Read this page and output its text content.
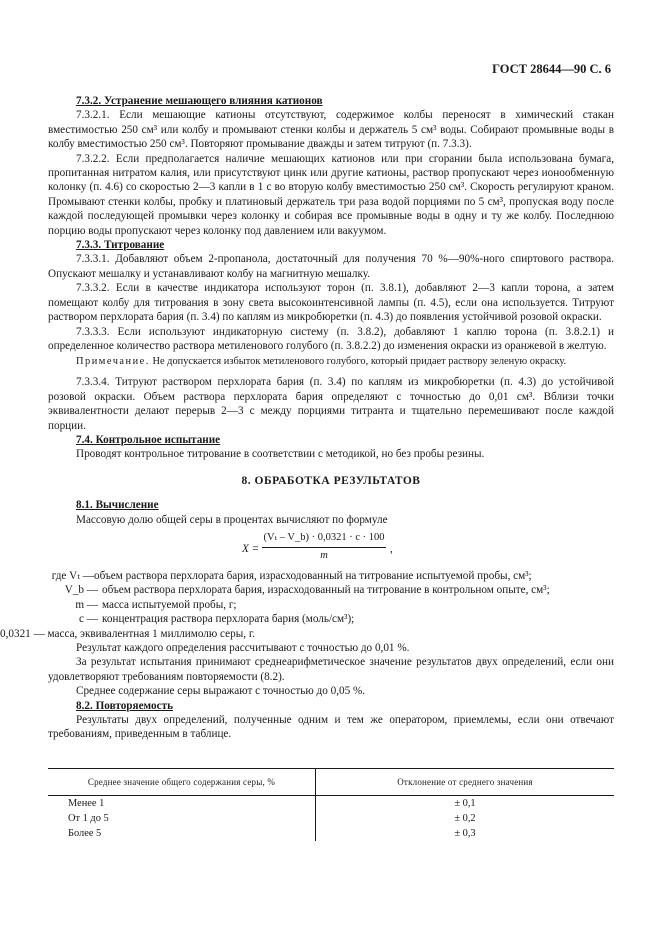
ГОСТ 28644—90 С. 6

7.3.2. Устранение мешающего влияния катионов

7.3.2.1. Если мешающие катионы отсутствуют, содержимое колбы переносят в химический стакан вместимостью 250 см³ или колбу и промывают стенки колбы и держатель 5 см³ воды. Собирают промывные воды в колбу вместимостью 250 см³. Повторяют промывание дважды и затем титруют (п. 7.3.3).

7.3.2.2. Если предполагается наличие мешающих катионов или при сгорании была использована бумага, пропитанная нитратом калия, или присутствуют цинк или другие катионы, раствор пропускают через ионообменную колонку (п. 4.6) со скоростью 2—3 капли в 1 с во вторую колбу вместимостью 250 см³. Скорость регулируют краном. Промывают стенки колбы, пробку и платиновый держатель три раза водой порциями по 5 см³, пропуская воду после каждой последующей промывки через колонку и собирая все промывные воды в одну и ту же колбу. Последнюю порцию воды пропускают через колонку под давлением или вакуумом.

7.3.3. Титрование

7.3.3.1. Добавляют объем 2-пропанола, достаточный для получения 70 %—90%-ного спиртового раствора. Опускают мешалку и устанавливают колбу на магнитную мешалку.

7.3.3.2. Если в качестве индикатора используют торон (п. 3.8.1), добавляют 2—3 капли торона, а затем помещают колбу для титрования в зону света высокоинтенсивной лампы (п. 4.5), если она используется. Титруют раствором перхлората бария (п. 3.4) по каплям из микробюретки (п. 4.3) до появления устойчивой розовой окраски.

7.3.3.3. Если используют индикаторную систему (п. 3.8.2), добавляют 1 каплю торона (п. 3.8.2.1) и определенное количество раствора метиленового голубого (п. 3.8.2.2) до изменения окраски из оранжевой в желтую.

Примечание. Не допускается избыток метиленового голубого, который придает раствору зеленую окраску.

7.3.3.4. Титруют раствором перхлората бария (п. 3.4) по каплям из микробюретки (п. 4.3) до устойчивой розовой окраски. Объем раствора перхлората бария определяют с точностью до 0,01 см³. Вблизи точки эквивалентности делают перерыв 2—3 с между порциями титранта и тщательно перемешивают после каждой порции.

7.4. Контрольное испытание

Проводят контрольное титрование в соответствии с методикой, но без пробы резины.

8. ОБРАБОТКА РЕЗУЛЬТАТОВ

8.1. Вычисление

Массовую долю общей серы в процентах вычисляют по формуле

X =
(Vₜ – V_b) · 0,0321 · c · 100
m
,
где Vₜ — объем раствора перхлората бария, израсходованный на титрование испытуемой пробы, см³;
V_b — объем раствора перхлората бария, израсходованный на титрование в контрольном опыте, см³;
m — масса испытуемой пробы, г;
c — концентрация раствора перхлората бария (моль/см³);

0,0321 — масса, эквивалентная 1 миллимолю серы, г.

Результат каждого определения рассчитывают с точностью до 0,01 %.

За результат испытания принимают среднеарифметическое значение результатов двух определений, если они удовлетворяют требованиям повторяемости (8.2).

Среднее содержание серы выражают с точностью до 0,05 %.

8.2. Повторяемость

Результаты двух определений, полученные одним и тем же оператором, приемлемы, если они отвечают требованиям, приведенным в таблице.

Среднее значение общего содержания серы, %	Отклонение от среднего значения
Менее 1	± 0,1
От 1 до 5	± 0,2
Более 5	± 0,3
